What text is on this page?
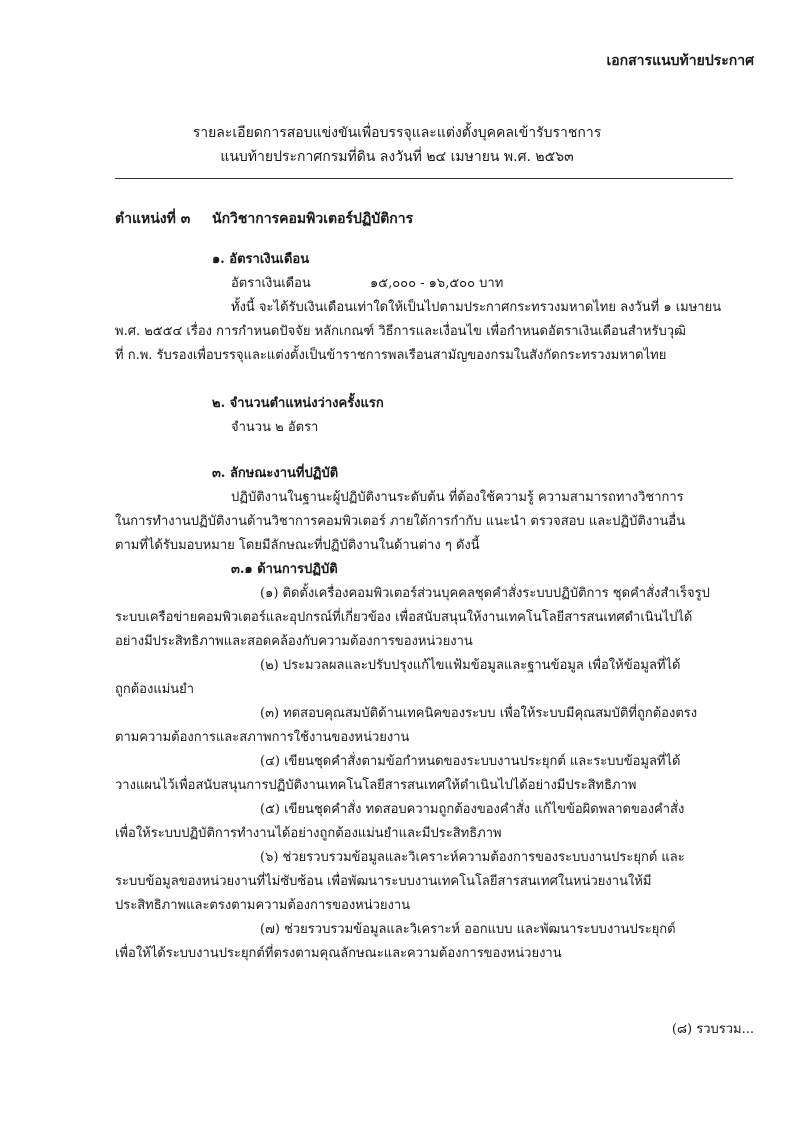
เอกสารแนบท้ายประกาศ
รายละเอียดการสอบแข่งขันเพื่อบรรจุและแต่งตั้งบุคคลเข้ารับราชการ
แนบท้ายประกาศกรมที่ดิน ลงวันที่ ๒๔ เมษายน พ.ศ. ๒๕๖๓
ตำแหน่งที่ ๓ นักวิชาการคอมพิวเตอร์ปฏิบัติการ
๑. อัตราเงินเดือน
อัตราเงินเดือน	๑๕,๐๐๐ - ๑๖,๕๐๐ บาท
ทั้งนี้ จะได้รับเงินเดือนเท่าใดให้เป็นไปตามประกาศกระทรวงมหาดไทย ลงวันที่ ๑ เมษายน
พ.ศ. ๒๕๕๔ เรื่อง การกำหนดปัจจัย หลักเกณฑ์ วิธีการและเงื่อนไข เพื่อกำหนดอัตราเงินเดือนสำหรับวุฒิ
ที่ ก.พ. รับรองเพื่อบรรจุและแต่งตั้งเป็นข้าราชการพลเรือนสามัญของกรมในสังกัดกระทรวงมหาดไทย
๒. จำนวนตำแหน่งว่างครั้งแรก
จำนวน ๒ อัตรา
๓. ลักษณะงานที่ปฏิบัติ
ปฏิบัติงานในฐานะผู้ปฏิบัติงานระดับต้น ที่ต้องใช้ความรู้ ความสามารถทางวิชาการ
ในการทำงานปฏิบัติงานด้านวิชาการคอมพิวเตอร์ ภายใต้การกำกับ แนะนำ ตรวจสอบ และปฏิบัติงานอื่น
ตามที่ได้รับมอบหมาย โดยมีลักษณะที่ปฏิบัติงานในด้านต่าง ๆ ดังนี้
๓.๑ ด้านการปฏิบัติ
(๑) ติดตั้งเครื่องคอมพิวเตอร์ส่วนบุคคลชุดคำสั่งระบบปฏิบัติการ ชุดคำสั่งสำเร็จรูป
ระบบเครือข่ายคอมพิวเตอร์และอุปกรณ์ที่เกี่ยวข้อง เพื่อสนับสนุนให้งานเทคโนโลยีสารสนเทศดำเนินไปได้
อย่างมีประสิทธิภาพและสอดคล้องกับความต้องการของหน่วยงาน
(๒) ประมวลผลและปรับปรุงแก้ไขแฟ้มข้อมูลและฐานข้อมูล เพื่อให้ข้อมูลที่ได้
ถูกต้องแม่นยำ
(๓) ทดสอบคุณสมบัติด้านเทคนิคของระบบ เพื่อให้ระบบมีคุณสมบัติที่ถูกต้องตรง
ตามความต้องการและสภาพการใช้งานของหน่วยงาน
(๔) เขียนชุดคำสั่งตามข้อกำหนดของระบบงานประยุกต์ และระบบข้อมูลที่ได้
วางแผนไว้เพื่อสนับสนุนการปฏิบัติงานเทคโนโลยีสารสนเทศให้ดำเนินไปได้อย่างมีประสิทธิภาพ
(๕) เขียนชุดคำสั่ง ทดสอบความถูกต้องของคำสั่ง แก้ไขข้อผิดพลาดของคำสั่ง
เพื่อให้ระบบปฏิบัติการทำงานได้อย่างถูกต้องแม่นยำและมีประสิทธิภาพ
(๖) ช่วยรวบรวมข้อมูลและวิเคราะห์ความต้องการของระบบงานประยุกต์ และ
ระบบข้อมูลของหน่วยงานที่ไม่ซับซ้อน เพื่อพัฒนาระบบงานเทคโนโลยีสารสนเทศในหน่วยงานให้มี
ประสิทธิภาพและตรงตามความต้องการของหน่วยงาน
(๗) ช่วยรวบรวมข้อมูลและวิเคราะห์ ออกแบบ และพัฒนาระบบงานประยุกต์
เพื่อให้ได้ระบบงานประยุกต์ที่ตรงตามคุณลักษณะและความต้องการของหน่วยงาน
(๘) รวบรวม...
